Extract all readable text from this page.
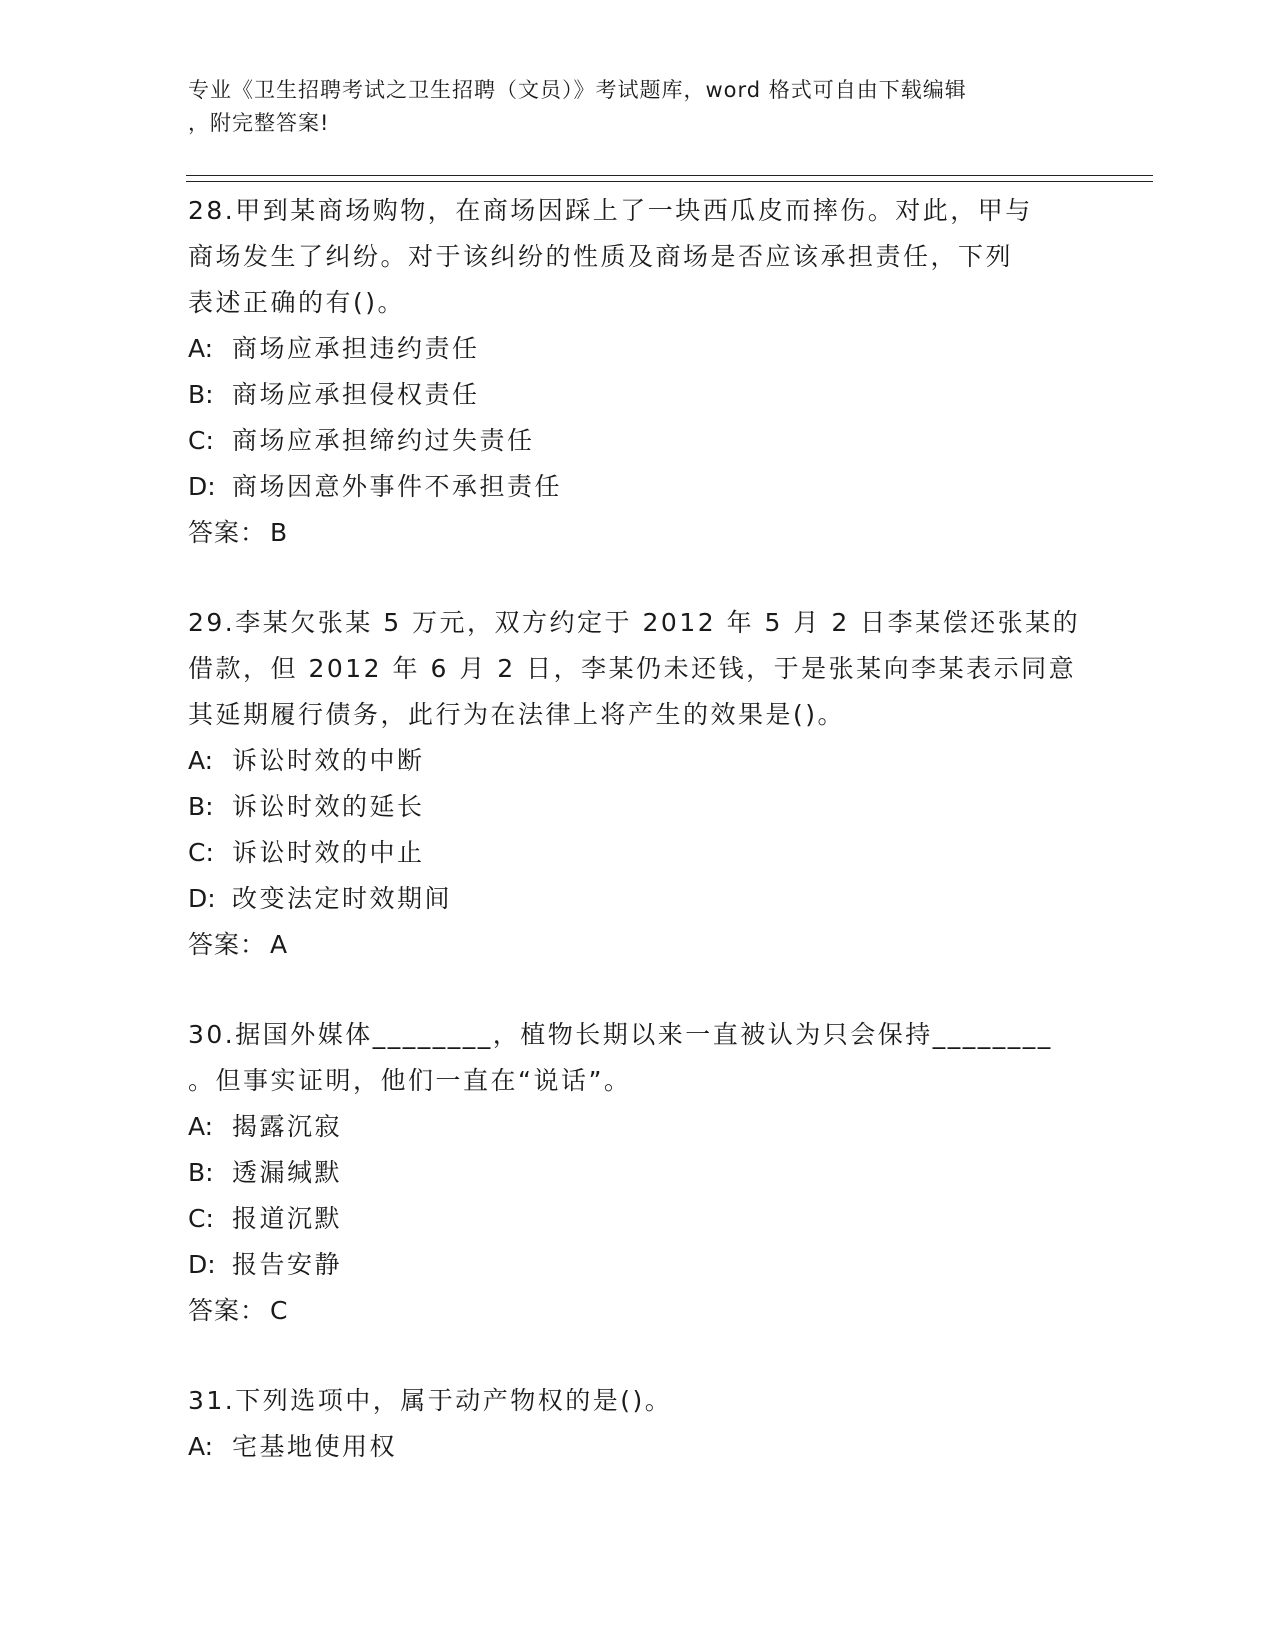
专业《卫生招聘考试之卫生招聘（文员）》考试题库，word 格式可自由下载编辑
，附完整答案!
28.甲到某商场购物，在商场因踩上了一块西瓜皮而摔伤。对此，甲与
商场发生了纠纷。对于该纠纷的性质及商场是否应该承担责任，下列
表述正确的有()。
A: 商场应承担违约责任
B: 商场应承担侵权责任
C: 商场应承担缔约过失责任
D: 商场因意外事件不承担责任
答案： B
29.李某欠张某 5 万元，双方约定于 2012 年 5 月 2 日李某偿还张某的
借款，但 2012 年 6 月 2 日，李某仍未还钱，于是张某向李某表示同意
其延期履行债务，此行为在法律上将产生的效果是()。
A: 诉讼时效的中断
B: 诉讼时效的延长
C: 诉讼时效的中止
D: 改变法定时效期间
答案： A
30.据国外媒体________，植物长期以来一直被认为只会保持________
。但事实证明，他们一直在“说话”。
A: 揭露沉寂
B: 透漏缄默
C: 报道沉默
D: 报告安静
答案： C
31.下列选项中，属于动产物权的是()。
A: 宅基地使用权
